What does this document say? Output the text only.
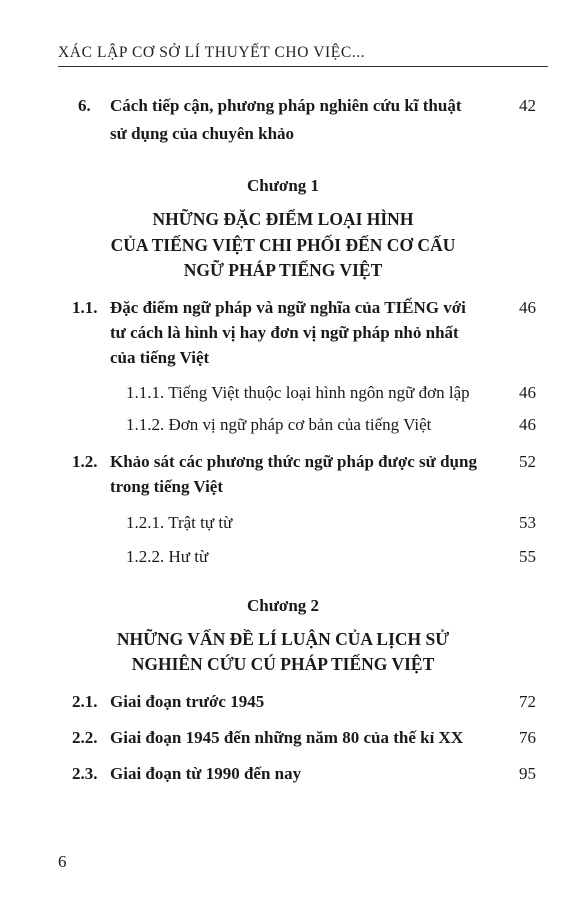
XÁC LẬP CƠ SỞ LÍ THUYẾT CHO VIỆC...
6. Cách tiếp cận, phương pháp nghiên cứu kĩ thuật
sử dụng của chuyên khảo
42
Chương 1
NHỮNG ĐẶC ĐIỂM LOẠI HÌNH
CỦA TIẾNG VIỆT CHI PHỐI ĐẾN CƠ CẤU
NGỮ PHÁP TIẾNG VIỆT
1.1. Đặc điểm ngữ pháp và ngữ nghĩa của TIẾNG với
tư cách là hình vị hay đơn vị ngữ pháp nhỏ nhất
của tiếng Việt
46
1.1.1. Tiếng Việt thuộc loại hình ngôn ngữ đơn lập	46
1.1.2. Đơn vị ngữ pháp cơ bản của tiếng Việt	46
1.2. Khảo sát các phương thức ngữ pháp được sử dụng
trong tiếng Việt
52
1.2.1. Trật tự từ	53
1.2.2. Hư từ	55
Chương 2
NHỮNG VẤN ĐỀ LÍ LUẬN CỦA LỊCH SỬ
NGHIÊN CỨU CÚ PHÁP TIẾNG VIỆT
2.1. Giai đoạn trước 1945	72
2.2. Giai đoạn 1945 đến những năm 80 của thế kỉ XX	76
2.3. Giai đoạn từ 1990 đến nay	95
6
